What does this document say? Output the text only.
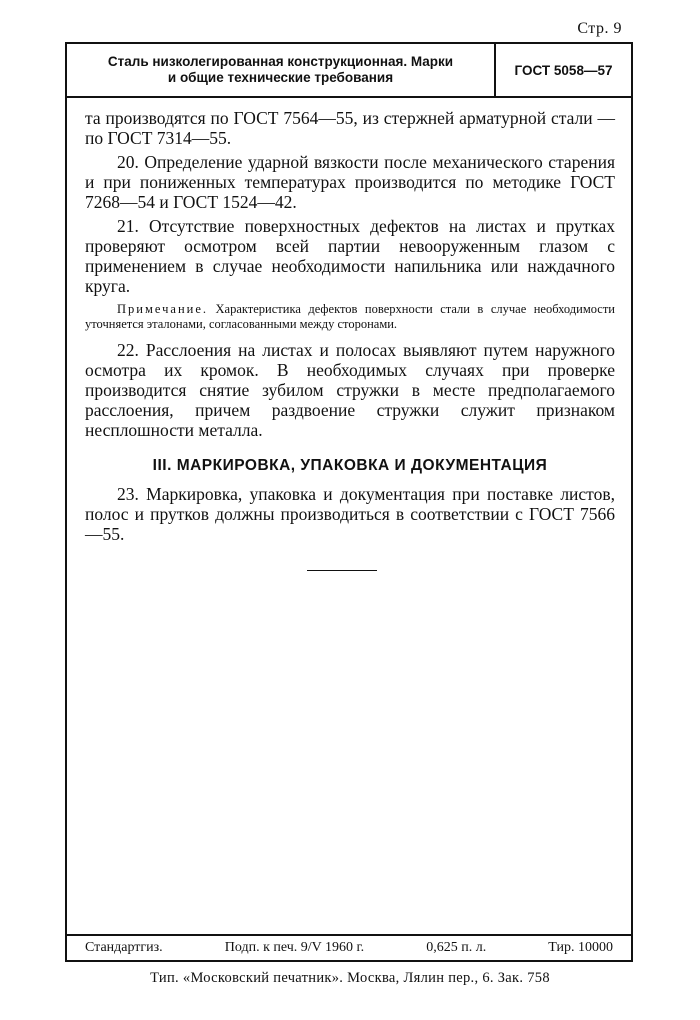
Стр. 9
Сталь низколегированная конструкционная. Марки
и общие технические требования	ГОСТ 5058—57

та производятся по ГОСТ 7564—55, из стержней арматурной стали — по ГОСТ 7314—55.

20. Определение ударной вязкости после механического старения и при пониженных температурах производится по методике ГОСТ 7268—54 и ГОСТ 1524—42.

21. Отсутствие поверхностных дефектов на листах и прутках проверяют осмотром всей партии невооруженным глазом с применением в случае необходимости напильника или наждачного круга.

Примечание. Характеристика дефектов поверхности стали в случае необходимости уточняется эталонами, согласованными между сторонами.

22. Расслоения на листах и полосах выявляют путем наружного осмотра их кромок. В необходимых случаях при проверке производится снятие зубилом стружки в месте предполагаемого расслоения, причем раздвоение стружки служит признаком несплошности металла.

III. МАРКИРОВКА, УПАКОВКА И ДОКУМЕНТАЦИЯ

23. Маркировка, упаковка и документация при поставке листов, полос и прутков должны производиться в соответствии с ГОСТ 7566—55.

Стандартгиз.	Подп. к печ. 9/V 1960 г.	0,625 п. л.	Тир. 10000
Тип. «Московский печатник». Москва, Лялин пер., 6. Зак. 758
